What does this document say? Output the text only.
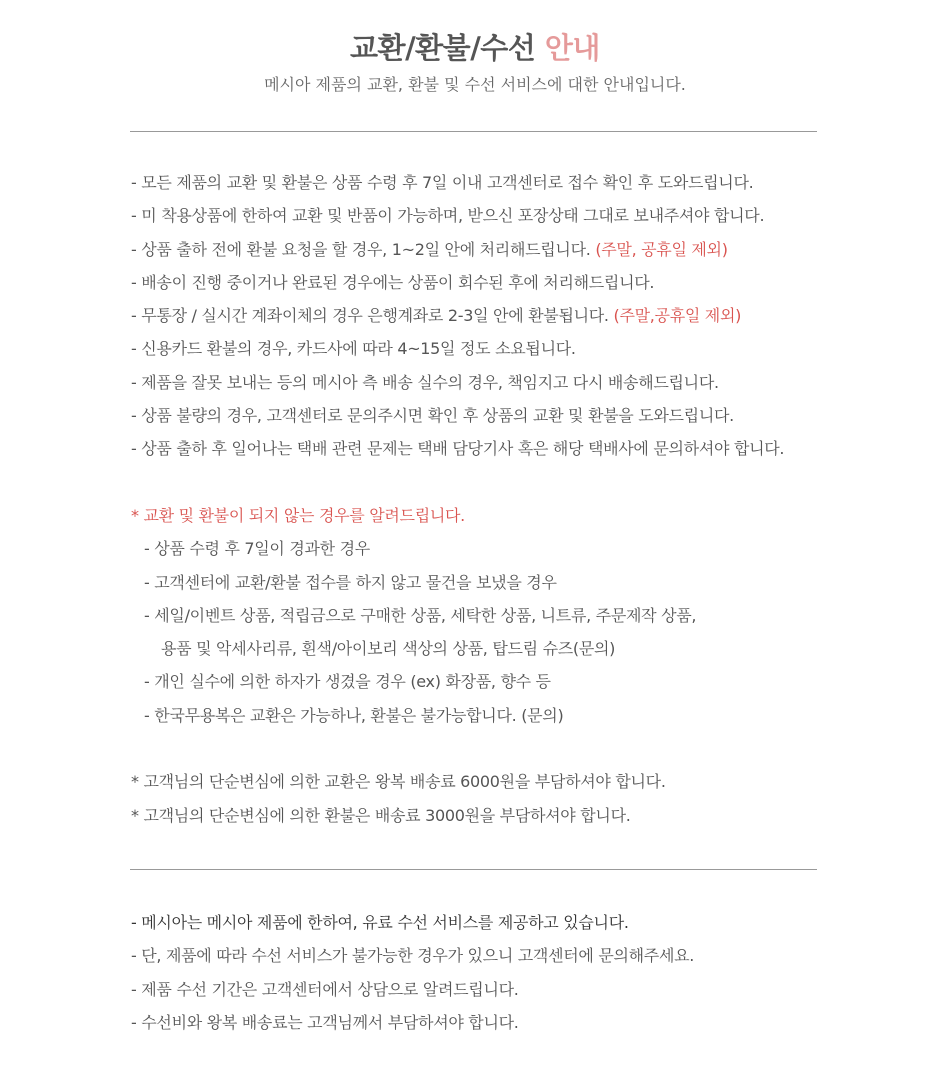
교환/환불/수선 안내
메시아 제품의 교환, 환불 및 수선 서비스에 대한 안내입니다.
- 모든 제품의 교환 및 환불은 상품 수령 후 7일 이내 고객센터로 접수 확인 후 도와드립니다.
- 미 착용상품에 한하여 교환 및 반품이 가능하며, 받으신 포장상태 그대로 보내주셔야 합니다.
- 상품 출하 전에 환불 요청을 할 경우, 1~2일 안에 처리해드립니다. (주말, 공휴일 제외)
- 배송이 진행 중이거나 완료된 경우에는 상품이 회수된 후에 처리해드립니다.
- 무통장 / 실시간 계좌이체의 경우 은행계좌로 2-3일 안에 환불됩니다. (주말,공휴일 제외)
- 신용카드 환불의 경우, 카드사에 따라 4~15일 정도 소요됩니다.
- 제품을 잘못 보내는 등의 메시아 측 배송 실수의 경우, 책임지고 다시 배송해드립니다.
- 상품 불량의 경우, 고객센터로 문의주시면 확인 후 상품의 교환 및 환불을 도와드립니다.
- 상품 출하 후 일어나는 택배 관련 문제는 택배 담당기사 혹은 해당 택배사에 문의하셔야 합니다.
* 교환 및 환불이 되지 않는 경우를 알려드립니다.
- 상품 수령 후 7일이 경과한 경우
- 고객센터에 교환/환불 접수를 하지 않고 물건을 보냈을 경우
- 세일/이벤트 상품, 적립금으로 구매한 상품, 세탁한 상품, 니트류, 주문제작 상품,
용품 및 악세사리류, 흰색/아이보리 색상의 상품, 탑드림 슈즈(문의)
- 개인 실수에 의한 하자가 생겼을 경우 (ex) 화장품, 향수 등
- 한국무용복은 교환은 가능하나, 환불은 불가능합니다. (문의)
* 고객님의 단순변심에 의한 교환은 왕복 배송료 6000원을 부담하셔야 합니다.
* 고객님의 단순변심에 의한 환불은 배송료 3000원을 부담하셔야 합니다.
- 메시아는 메시아 제품에 한하여, 유료 수선 서비스를 제공하고 있습니다.
- 단, 제품에 따라 수선 서비스가 불가능한 경우가 있으니 고객센터에 문의해주세요.
- 제품 수선 기간은 고객센터에서 상담으로 알려드립니다.
- 수선비와 왕복 배송료는 고객님께서 부담하셔야 합니다.
